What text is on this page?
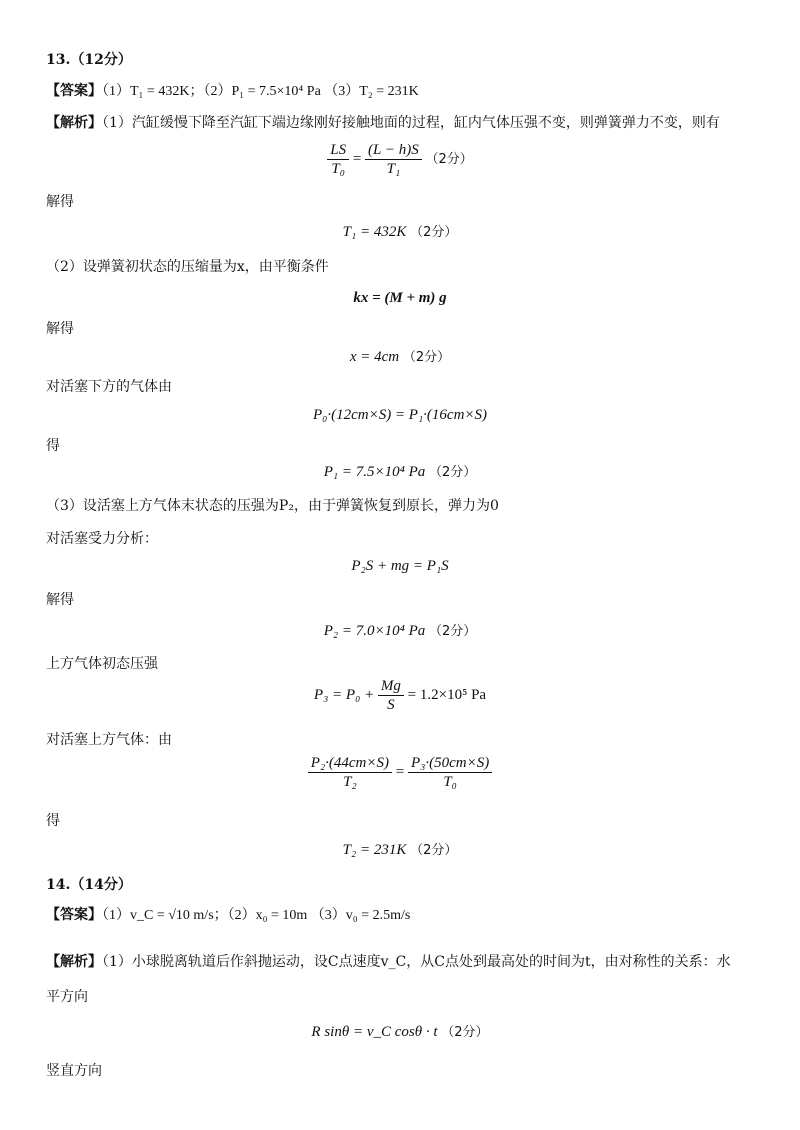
13.（12分）
【答案】（1）T₁ = 432K；（2）P₁ = 7.5×10⁴ Pa （3）T₂ = 231K
【解析】（1）汽缸缓慢下降至汽缸下端边缘刚好接触地面的过程，缸内气体压强不变，则弹簧弹力不变，则有
$\frac{LS}{\text{T₀}} = \frac{(L - h)S}{\text{T₁}} (2$分）
解得
T₁ = 432K （2分）
（2）设弹簧初状态的压缩量为x，由平衡条件
kx = (M + m) g
解得
x = 4cm （2分）
对活塞下方的气体由
P₀·(12cm×S) = P₁·(16cm×S)
得
P₁ = 7.5×10⁴ Pa （2分）
（3）设活塞上方气体末状态的压强为P₂，由于弹簧恢复到原长，弹力为0
对活塞受力分析：
P₂S + mg = P₁S
解得
P₂ = 7.0×10⁴ Pa （2分）
上方气体初态压强
$P_3 = P_0 + \frac{Mg}{S} = 1.2\times 10^5$ Pa
对活塞上方气体：由
$\frac{\text{P₂·(44cm×S)}}{\text{T₂}} = \frac{\text{P₃·(50cm×S)}}{\text{T₀}}$
得
T₂ = 231K （2分）
14.（14分）
【答案】（1）v_C = √10 m/s；（2）x₀ = 10m （3）v₀ = 2.5m/s
【解析】（1）小球脱离轨道后作斜抛运动，设C点速度v_C，从C点处到最高处的时间为t，由对称性的关系：水
平方向
R sinθ = v_C cosθ · t （2分）
竖直方向
